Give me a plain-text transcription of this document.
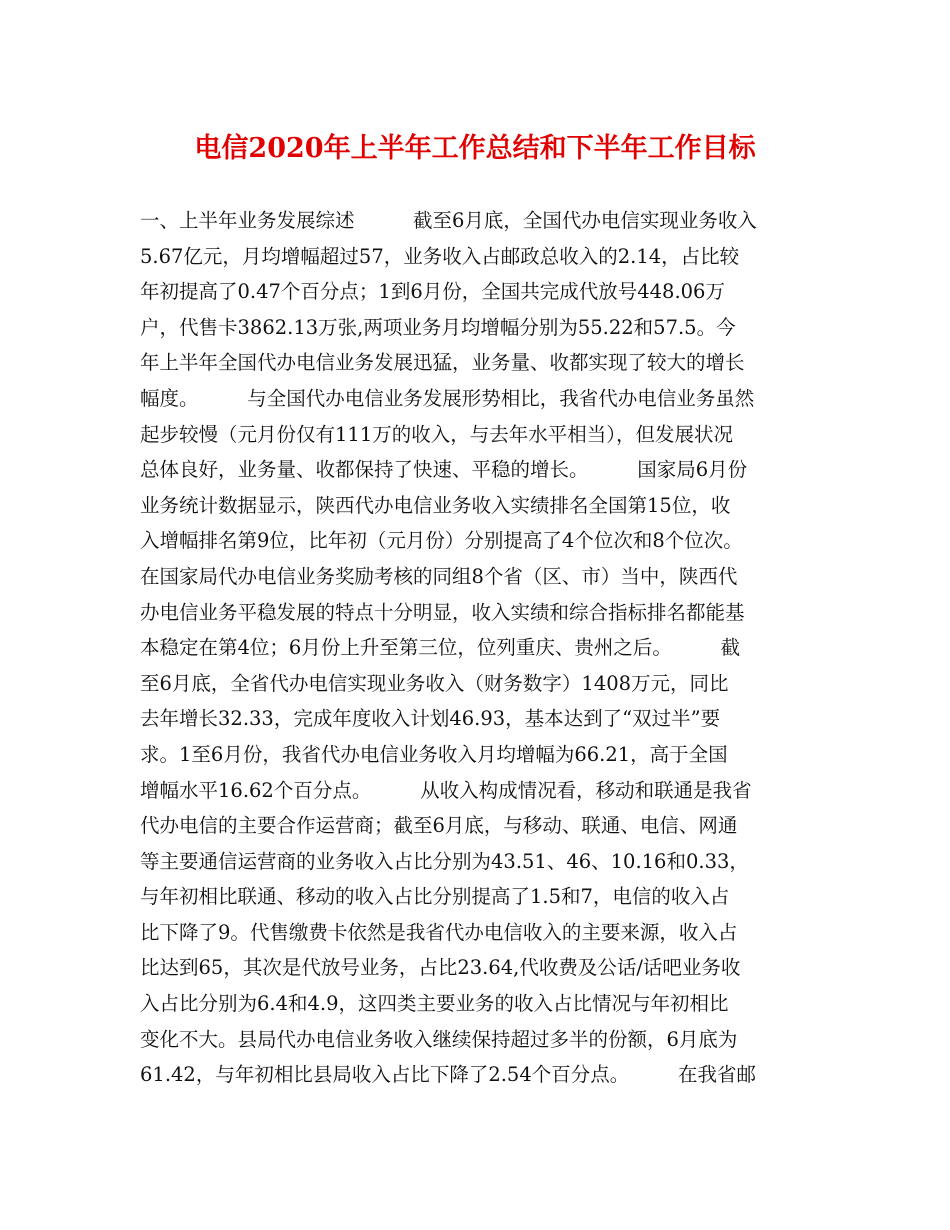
电信2020年上半年工作总结和下半年工作目标
一、上半年业务发展综述　　　截至6月底，全国代办电信实现业务收入
5.67亿元，月均增幅超过57，业务收入占邮政总收入的2.14，占比较
年初提高了0.47个百分点；1到6月份，全国共完成代放号448.06万
户，代售卡3862.13万张,两项业务月均增幅分别为55.22和57.5。今
年上半年全国代办电信业务发展迅猛，业务量、收都实现了较大的增长
幅度。　　　与全国代办电信业务发展形势相比，我省代办电信业务虽然
起步较慢（元月份仅有111万的收入，与去年水平相当），但发展状况
总体良好，业务量、收都保持了快速、平稳的增长。　　　国家局6月份
业务统计数据显示，陕西代办电信业务收入实绩排名全国第15位，收
入增幅排名第9位，比年初（元月份）分别提高了4个位次和8个位次。
在国家局代办电信业务奖励考核的同组8个省（区、市）当中，陕西代
办电信业务平稳发展的特点十分明显，收入实绩和综合指标排名都能基
本稳定在第4位；6月份上升至第三位，位列重庆、贵州之后。　　　截
至6月底，全省代办电信实现业务收入（财务数字）1408万元，同比
去年增长32.33，完成年度收入计划46.93，基本达到了“双过半”要
求。1至6月份，我省代办电信业务收入月均增幅为66.21，高于全国
增幅水平16.62个百分点。　　　从收入构成情况看，移动和联通是我省
代办电信的主要合作运营商；截至6月底，与移动、联通、电信、网通
等主要通信运营商的业务收入占比分别为43.51、46、10.16和0.33，
与年初相比联通、移动的收入占比分别提高了1.5和7，电信的收入占
比下降了9。代售缴费卡依然是我省代办电信收入的主要来源，收入占
比达到65，其次是代放号业务，占比23.64,代收费及公话/话吧业务收
入占比分别为6.4和4.9，这四类主要业务的收入占比情况与年初相比
变化不大。县局代办电信业务收入继续保持超过多半的份额，6月底为
61.42，与年初相比县局收入占比下降了2.54个百分点。　　　在我省邮
